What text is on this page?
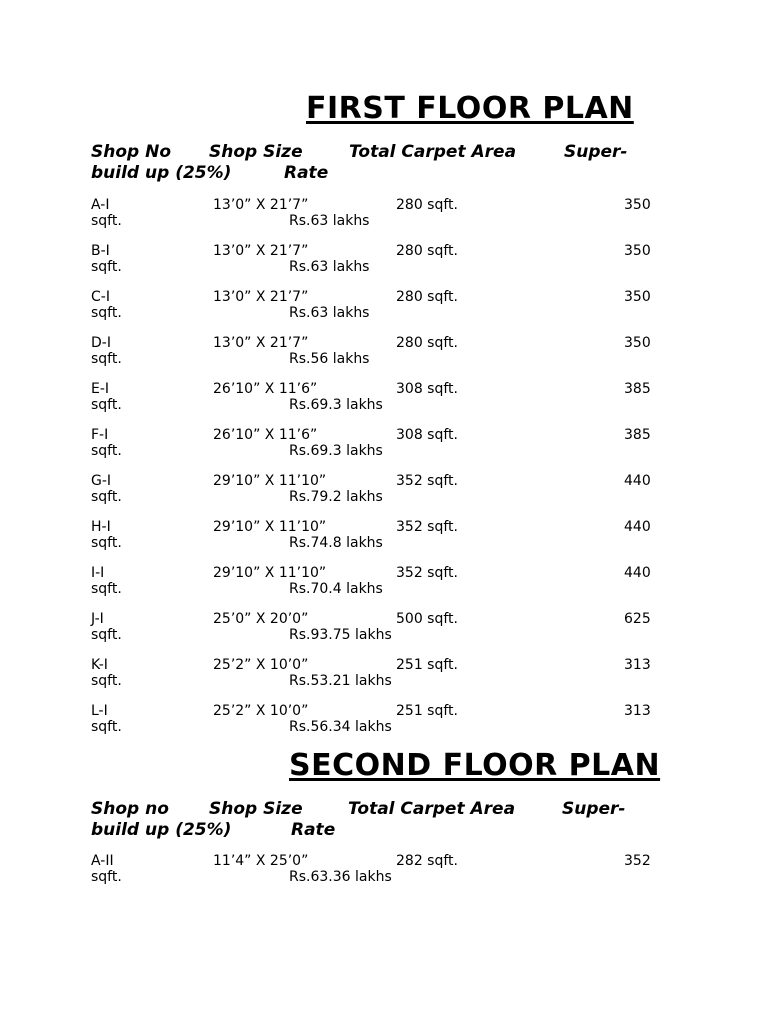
FIRST FLOOR PLAN
Shop No Shop Size	Total Carpet Area	Super-
build up (25%)	Rate
A-I	13’0” X 21’7”	280 sqft.	350
sqft.	Rs.63 lakhs
B-I	13’0” X 21’7”	280 sqft.	350
sqft.	Rs.63 lakhs
C-I	13’0” X 21’7”	280 sqft.	350
sqft.	Rs.63 lakhs
D-I	13’0” X 21’7”	280 sqft.	350
sqft.	Rs.56 lakhs
E-I	26’10” X 11’6”	308 sqft.	385
sqft.	Rs.69.3 lakhs
F-I	26’10” X 11’6”	308 sqft.	385
sqft.	Rs.69.3 lakhs
G-I	29’10” X 11’10”	352 sqft.	440
sqft.	Rs.79.2 lakhs
H-I	29’10” X 11’10”	352 sqft.	440
sqft.	Rs.74.8 lakhs
I-I	29’10” X 11’10”	352 sqft.	440
sqft.	Rs.70.4 lakhs
J-I	25’0” X 20’0”	500 sqft.	625
sqft.	Rs.93.75 lakhs
K-I	25’2” X 10’0”	251 sqft.	313
sqft.	Rs.53.21 lakhs
L-I	25’2” X 10’0”	251 sqft.	313
sqft.	Rs.56.34 lakhs
SECOND FLOOR PLAN
Shop no Shop Size	Total Carpet Area	Super-
build up (25%)	Rate
A-II	11’4” X 25’0”	282 sqft.	352
sqft.	Rs.63.36 lakhs
